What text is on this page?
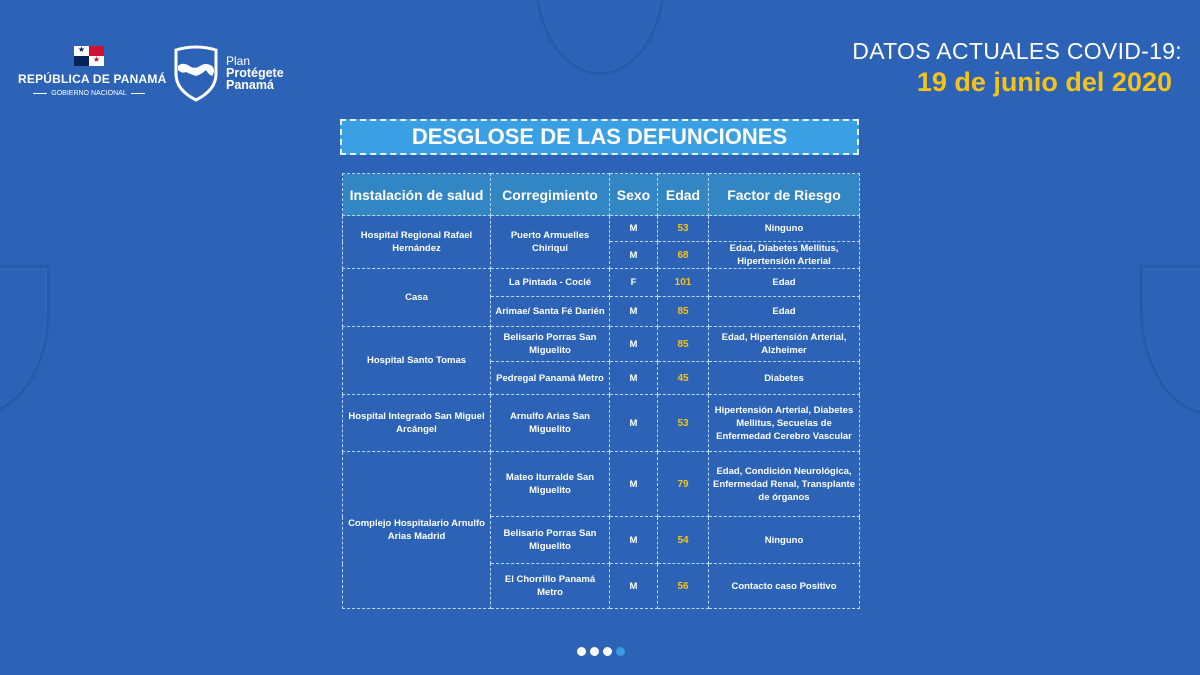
★
★
REPÚBLICA DE PANAMÁ
GOBIERNO NACIONAL
Plan
Protégete
Panamá
DATOS ACTUALES COVID-19:
19 de junio del 2020
DESGLOSE DE LAS DEFUNCIONES
Instalación de salud	Corregimiento	Sexo	Edad	Factor de Riesgo
Hospital Regional Rafael Hernández	Puerto Armuelles Chiriquí	M	53	Ninguno
		M	68	Edad, Diabetes Mellitus, Hipertensión Arterial
Casa	La Pintada - Coclé	F	101	Edad
	Arimae/ Santa Fé Darién	M	85	Edad
Hospital Santo Tomas	Belisario Porras San Miguelito	M	85	Edad, Hipertensión Arterial, Alzheimer
	Pedregal Panamá Metro	M	45	Diabetes
Hospital Integrado San Miguel Arcángel	Arnulfo Arias San Miguelito	M	53	Hipertensión Arterial, Diabetes Mellitus, Secuelas de Enfermedad Cerebro Vascular
Complejo Hospitalario Arnulfo Arias Madrid	Mateo Iturralde San Miguelito	M	79	Edad, Condición Neurológica, Enfermedad Renal, Transplante de órganos
	Belisario Porras San Miguelito	M	54	Ninguno
	El Chorrillo Panamá Metro	M	56	Contacto caso Positivo
